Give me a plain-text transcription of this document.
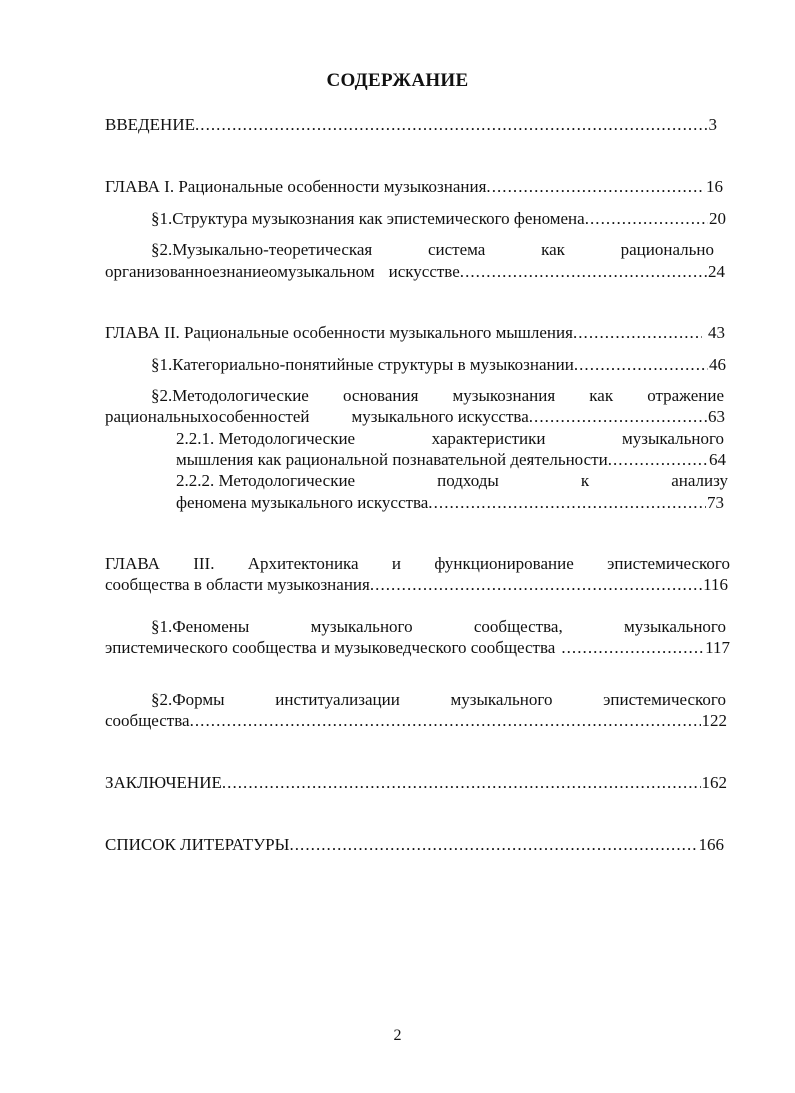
СОДЕРЖАНИЕ
ВВЕДЕНИЕ . . .	3
ГЛАВА I. Рациональные особенности музыкознания . . .	16
§1.Структура музыкознания как эпистемического феномена . . .	20
§2.Музыкально-теоретическая	система	как	рационально
организованное знание о музыкальном искусстве . . .	24
ГЛАВА II. Рациональные особенности музыкального мышления . . .	43
§1.Категориально-понятийные структуры в музыкознании . . .	46
§2.Методологические основания музыкознания как отражение
рациональных особенностей	музыкального искусства . . .	63
2.2.1. Методологические	характеристики	музыкального
мышления как рациональной познавательной деятельности . . .	64
2.2.2. Методологические	подходы	к	анализу
феномена музыкального искусства . . .	73
ГЛАВА III. Архитектоника и функционирование эпистемического
сообщества в области музыкознания . . .	116
§1.Феномены	музыкального	сообщества,	музыкального
эпистемического сообщества и музыковедческого сообщества . . .	117
§2.Формы	институализации	музыкального	эпистемического
сообщества . . .	122
ЗАКЛЮЧЕНИЕ . . .	162
СПИСОК ЛИТЕРАТУРЫ . . .	166
2
